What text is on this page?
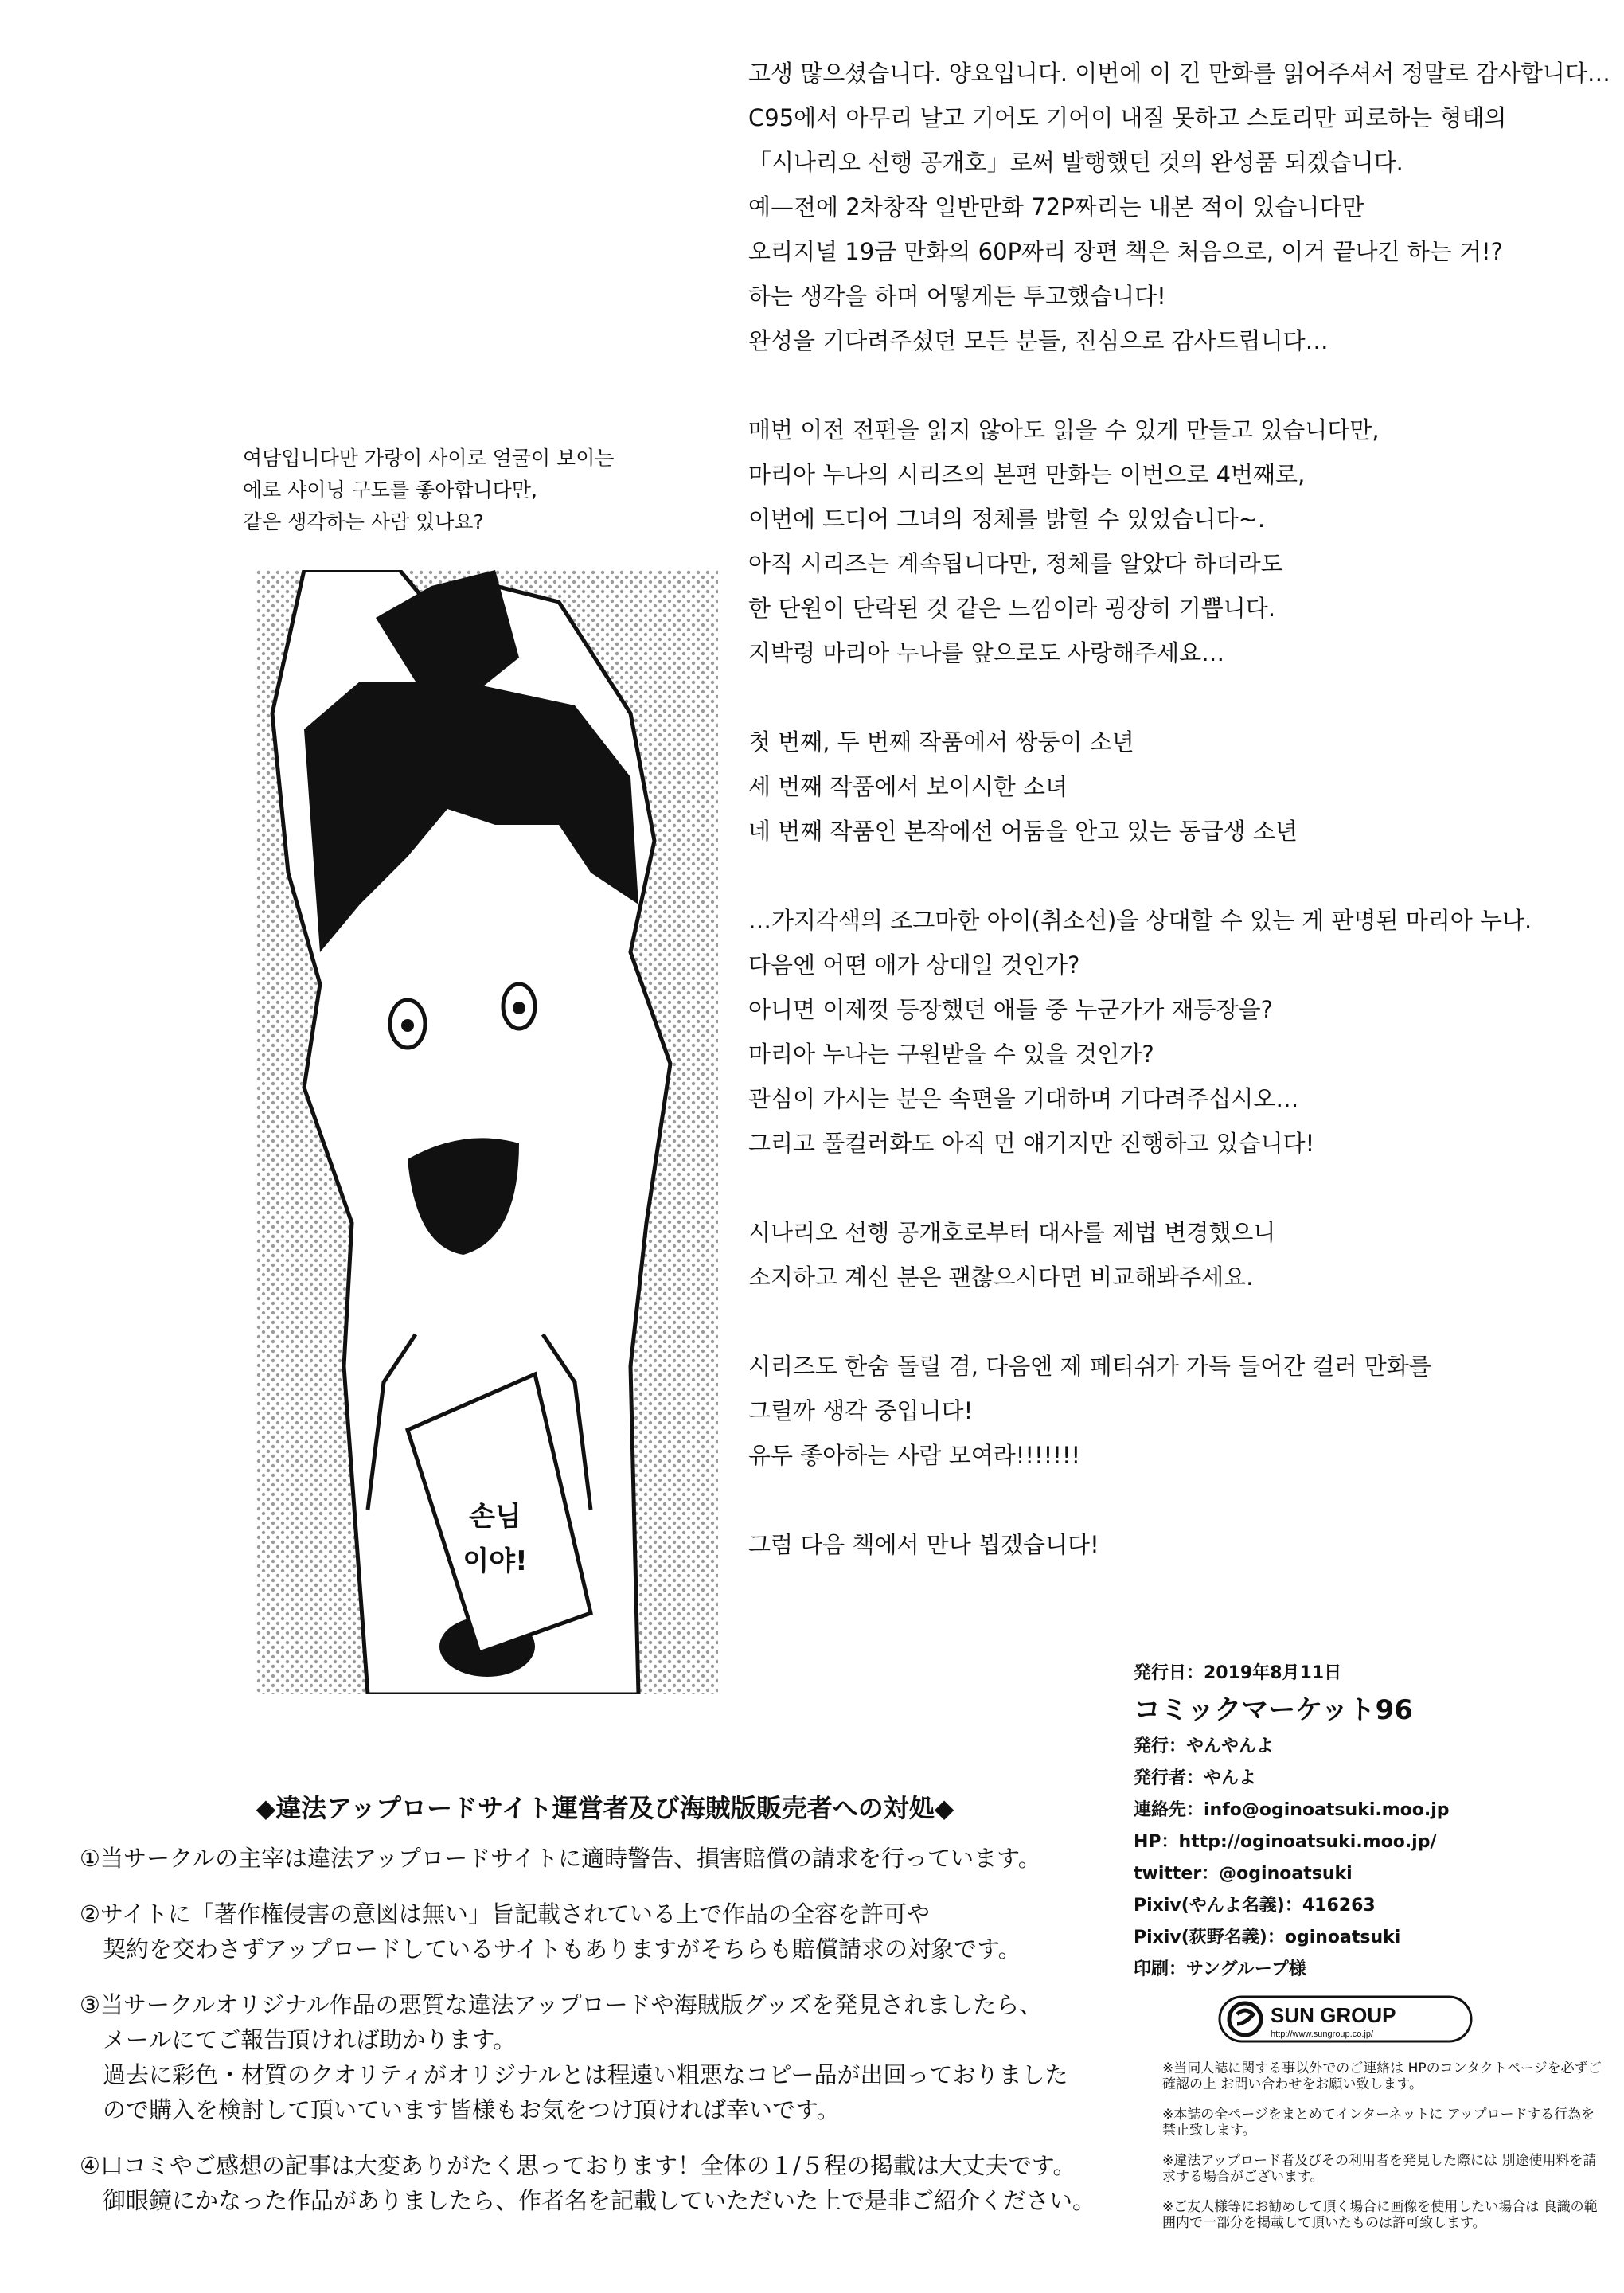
고생 많으셨습니다. 양요입니다. 이번에 이 긴 만화를 읽어주셔서 정말로 감사합니다…
C95에서 아무리 날고 기어도 기어이 내질 못하고 스토리만 피로하는 형태의
「시나리오 선행 공개호」로써 발행했던 것의 완성품 되겠습니다.
예—전에 2차창작 일반만화 72P짜리는 내본 적이 있습니다만
오리지널 19금 만화의 60P짜리 장편 책은 처음으로, 이거 끝나긴 하는 거!?
하는 생각을 하며 어떻게든 투고했습니다!
완성을 기다려주셨던 모든 분들, 진심으로 감사드립니다…
매번 이전 전편을 읽지 않아도 읽을 수 있게 만들고 있습니다만,
마리아 누나의 시리즈의 본편 만화는 이번으로 4번째로,
이번에 드디어 그녀의 정체를 밝힐 수 있었습니다~.
아직 시리즈는 계속됩니다만, 정체를 알았다 하더라도
한 단원이 단락된 것 같은 느낌이라 굉장히 기쁩니다.
지박령 마리아 누나를 앞으로도 사랑해주세요…
첫 번째, 두 번째 작품에서 쌍둥이 소년
세 번째 작품에서 보이시한 소녀
네 번째 작품인 본작에선 어둠을 안고 있는 동급생 소년
…가지각색의 조그마한 아이(취소선)을 상대할 수 있는 게 판명된 마리아 누나.
다음엔 어떤 애가 상대일 것인가?
아니면 이제껏 등장했던 애들 중 누군가가 재등장을?
마리아 누나는 구원받을 수 있을 것인가?
관심이 가시는 분은 속편을 기대하며 기다려주십시오…
그리고 풀컬러화도 아직 먼 얘기지만 진행하고 있습니다!
시나리오 선행 공개호로부터 대사를 제법 변경했으니
소지하고 계신 분은 괜찮으시다면 비교해봐주세요.
시리즈도 한숨 돌릴 겸, 다음엔 제 페티쉬가 가득 들어간 컬러 만화를
그릴까 생각 중입니다!
유두 좋아하는 사람 모여라!!!!!!!
그럼 다음 책에서 만나 뵙겠습니다!
여담입니다만 가랑이 사이로 얼굴이 보이는
에로 샤이닝 구도를 좋아합니다만,
같은 생각하는 사람 있나요?
손님
이야!
発行日：2019年8月11日
コミックマーケット96
発行：やんやんよ
発行者：やんよ
連絡先：info@oginoatsuki.moo.jp
HP：http://oginoatsuki.moo.jp/
twitter：@oginoatsuki
Pixiv(やんよ名義)：416263
Pixiv(荻野名義)：oginoatsuki
印刷：サングループ様
SUN GROUP
http://www.sungroup.co.jp/
※当同人誌に関する事以外でのご連絡は HPのコンタクトページを必ずご確認の上 お問い合わせをお願い致します。
※本誌の全ページをまとめてインターネットに アップロードする行為を禁止致します。
※違法アップロード者及びその利用者を発見した際には 別途使用料を請求する場合がございます。
※ご友人様等にお勧めして頂く場合に画像を使用したい場合は 良識の範囲内で一部分を掲載して頂いたものは許可致します。
◆違法アップロードサイト運営者及び海賊版販売者への対処◆
①当サークルの主宰は違法アップロードサイトに適時警告、損害賠償の請求を行っています。
②サイトに「著作権侵害の意図は無い」旨記載されている上で作品の全容を許可や
　契約を交わさずアップロードしているサイトもありますがそちらも賠償請求の対象です。
③当サークルオリジナル作品の悪質な違法アップロードや海賊版グッズを発見されましたら、
　メールにてご報告頂ければ助かります。
　過去に彩色・材質のクオリティがオリジナルとは程遠い粗悪なコピー品が出回っておりました
　ので購入を検討して頂いています皆様もお気をつけ頂ければ幸いです。
④口コミやご感想の記事は大変ありがたく思っております！全体の１/５程の掲載は大丈夫です。
　御眼鏡にかなった作品がありましたら、作者名を記載していただいた上で是非ご紹介ください。
